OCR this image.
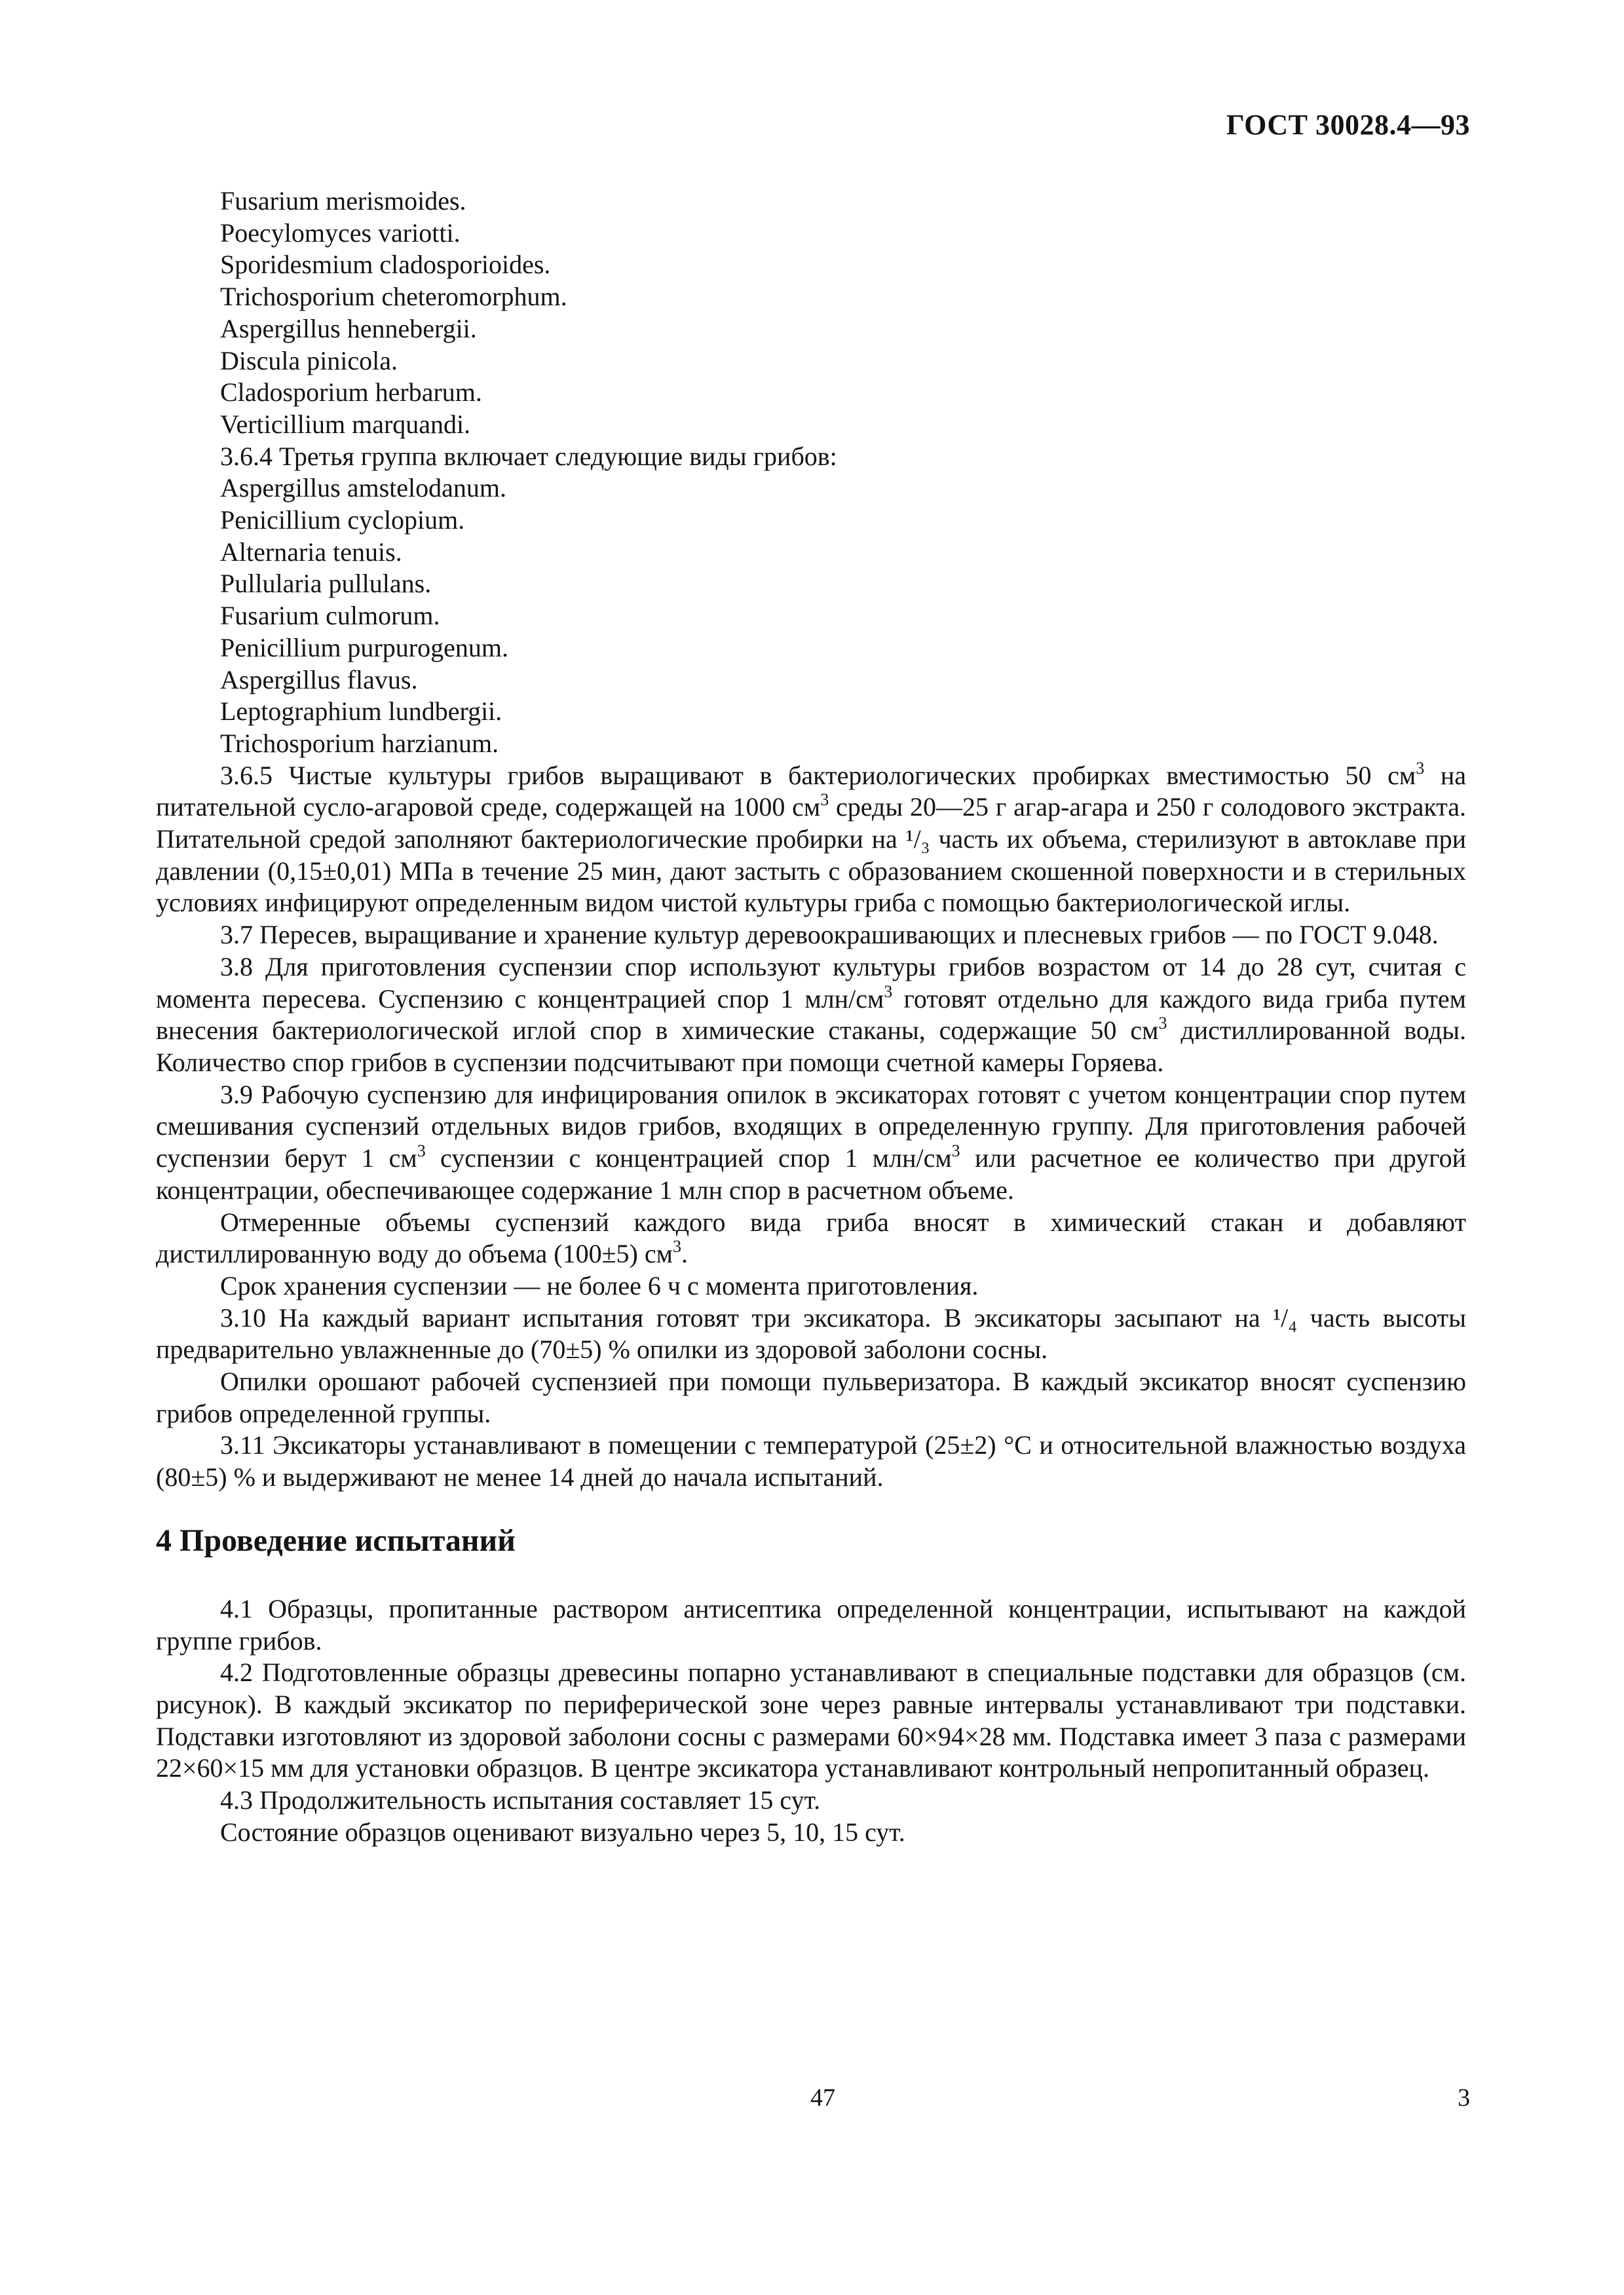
ГОСТ 30028.4—93
Fusarium merismoides.
Poecylomyces variotti.
Sporidesmium cladosporioides.
Trichosporium cheteromorphum.
Aspergillus hennebergii.
Discula pinicola.
Cladosporium herbarum.
Verticillium marquandi.
3.6.4 Третья группа включает следующие виды грибов:
Aspergillus amstelodanum.
Penicillium cyclopium.
Alternaria tenuis.
Pullularia pullulans.
Fusarium culmorum.
Penicillium purpurogenum.
Aspergillus flavus.
Leptographium lundbergii.
Trichosporium harzianum.

3.6.5 Чистые культуры грибов выращивают в бактериологических пробирках вместимостью 50 $см^3$ на питательной сусло-агаровой среде, содержащей на 1000 $см^3$ среды 20—25 г агар-агара и 250 г солодового экстракта. Питательной средой заполняют бактериологические пробирки на ¹/₃ часть их объема, стерилизуют в автоклаве при давлении (0,15±0,01) МПа в течение 25 мин, дают застыть с образованием скошенной поверхности и в стерильных условиях инфицируют определенным видом чистой культуры гриба с помощью бактериологической иглы.

3.7 Пересев, выращивание и хранение культур деревоокрашивающих и плесневых грибов — по ГОСТ 9.048.

3.8 Для приготовления суспензии спор используют культуры грибов возрастом от 14 до 28 сут, считая с момента пересева. Суспензию с концентрацией спор 1 млн/$см^3$ готовят отдельно для каждого вида гриба путем внесения бактериологической иглой спор в химические стаканы, содержащие 50 $см^3$ дистиллированной воды. Количество спор грибов в суспензии подсчитывают при помощи счетной камеры Горяева.

3.9 Рабочую суспензию для инфицирования опилок в эксикаторах готовят с учетом концентрации спор путем смешивания суспензий отдельных видов грибов, входящих в определенную группу. Для приготовления рабочей суспензии берут 1 $см^3$ суспензии с концентрацией спор 1 млн/$см^3$ или расчетное ее количество при другой концентрации, обеспечивающее содержание 1 млн спор в расчетном объеме.

Отмеренные объемы суспензий каждого вида гриба вносят в химический стакан и добавляют дистиллированную воду до объема (100±5) $см^3$.

Срок хранения суспензии — не более 6 ч с момента приготовления.

3.10 На каждый вариант испытания готовят три эксикатора. В эксикаторы засыпают на ¹/₄ часть высоты предварительно увлажненные до (70±5) % опилки из здоровой заболони сосны.

Опилки орошают рабочей суспензией при помощи пульверизатора. В каждый эксикатор вносят суспензию грибов определенной группы.

3.11 Эксикаторы устанавливают в помещении с температурой (25±2) °С и относительной влажностью воздуха (80±5) % и выдерживают не менее 14 дней до начала испытаний.

4 Проведение испытаний

4.1 Образцы, пропитанные раствором антисептика определенной концентрации, испытывают на каждой группе грибов.

4.2 Подготовленные образцы древесины попарно устанавливают в специальные подставки для образцов (см. рисунок). В каждый эксикатор по периферической зоне через равные интервалы устанавливают три подставки. Подставки изготовляют из здоровой заболони сосны с размерами 60×94×28 мм. Подставка имеет 3 паза с размерами 22×60×15 мм для установки образцов. В центре эксикатора устанавливают контрольный непропитанный образец.

4.3 Продолжительность испытания составляет 15 сут.

Состояние образцов оценивают визуально через 5, 10, 15 сут.

47	3
